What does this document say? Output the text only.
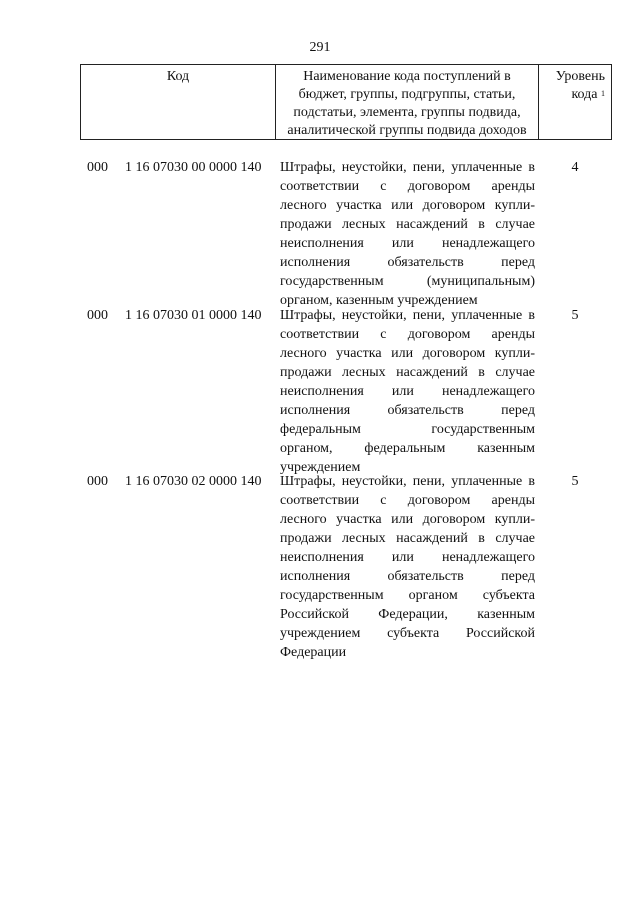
291
Код	Наименование кода поступлений в
бюджет, группы, подгруппы, статьи,
подстатьи, элемента, группы подвида,
аналитической группы подвида доходов
Уровень
кода $^1$
000 1 16 07030 00 0000 140 Штрафы, неустойки, пени, уплаченные в
соответствии с договором аренды
лесного участка или договором купли-
продажи лесных насаждений в случае
неисполнения или ненадлежащего
исполнения обязательств перед
государственным (муниципальным)
органом, казенным учреждением
4
000 1 16 07030 01 0000 140 Штрафы, неустойки, пени, уплаченные в
соответствии с договором аренды
лесного участка или договором купли-
продажи лесных насаждений в случае
неисполнения или ненадлежащего
исполнения обязательств перед
федеральным государственным
органом, федеральным казенным
учреждением
5
000 1 16 07030 02 0000 140 Штрафы, неустойки, пени, уплаченные в
соответствии с договором аренды
лесного участка или договором купли-
продажи лесных насаждений в случае
неисполнения или ненадлежащего
исполнения обязательств перед
государственным органом субъекта
Российской Федерации, казенным
учреждением субъекта Российской
Федерации
5
